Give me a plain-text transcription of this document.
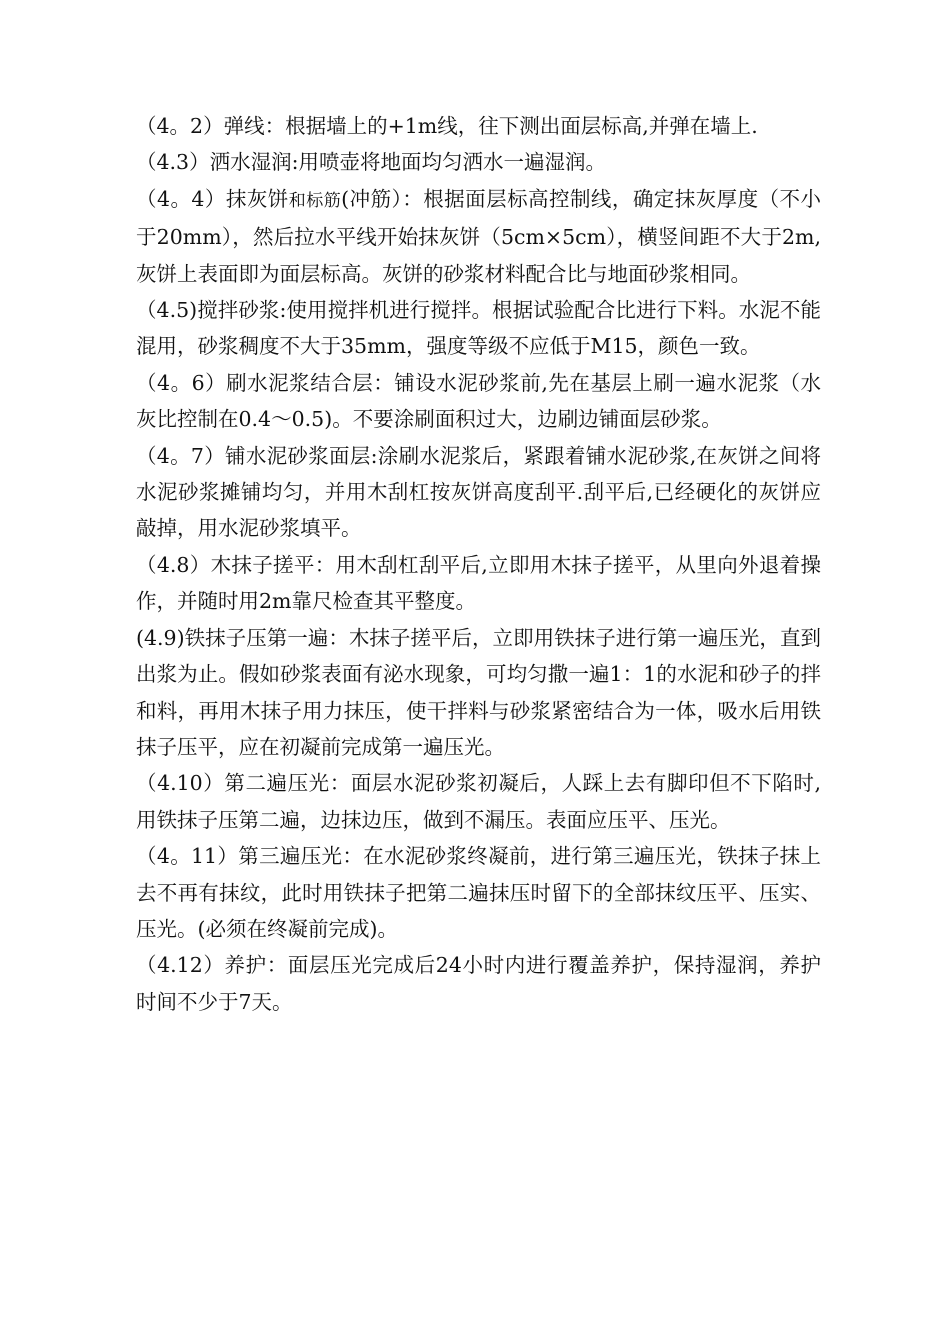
（4。2）弹线：根据墙上的+1m线，往下测出面层标高,并弹在墙上.

（4.3）洒水湿润:用喷壶将地面均匀洒水一遍湿润。

（4。4）抹灰饼和标筋(冲筋）：根据面层标高控制线，确定抹灰厚度（不小于20mm），然后拉水平线开始抹灰饼（5cm×5cm），横竖间距不大于2m,灰饼上表面即为面层标高。灰饼的砂浆材料配合比与地面砂浆相同。

（4.5)搅拌砂浆:使用搅拌机进行搅拌。根据试验配合比进行下料。水泥不能混用，砂浆稠度不大于35mm，强度等级不应低于M15，颜色一致。

（4。6）刷水泥浆结合层：铺设水泥砂浆前,先在基层上刷一遍水泥浆（水灰比控制在0.4～0.5)。不要涂刷面积过大，边刷边铺面层砂浆。

（4。7）铺水泥砂浆面层:涂刷水泥浆后，紧跟着铺水泥砂浆,在灰饼之间将水泥砂浆摊铺均匀，并用木刮杠按灰饼高度刮平.刮平后,已经硬化的灰饼应敲掉，用水泥砂浆填平。

（4.8）木抹子搓平：用木刮杠刮平后,立即用木抹子搓平，从里向外退着操作，并随时用2m靠尺检查其平整度。

(4.9)铁抹子压第一遍：木抹子搓平后，立即用铁抹子进行第一遍压光，直到出浆为止。假如砂浆表面有泌水现象，可均匀撒一遍1：1的水泥和砂子的拌和料，再用木抹子用力抹压，使干拌料与砂浆紧密结合为一体，吸水后用铁抹子压平，应在初凝前完成第一遍压光。

（4.10）第二遍压光：面层水泥砂浆初凝后，人踩上去有脚印但不下陷时,用铁抹子压第二遍，边抹边压，做到不漏压。表面应压平、压光。

（4。11）第三遍压光：在水泥砂浆终凝前，进行第三遍压光，铁抹子抹上去不再有抹纹，此时用铁抹子把第二遍抹压时留下的全部抹纹压平、压实、压光。(必须在终凝前完成)。

（4.12）养护：面层压光完成后24小时内进行覆盖养护，保持湿润，养护时间不少于7天。
